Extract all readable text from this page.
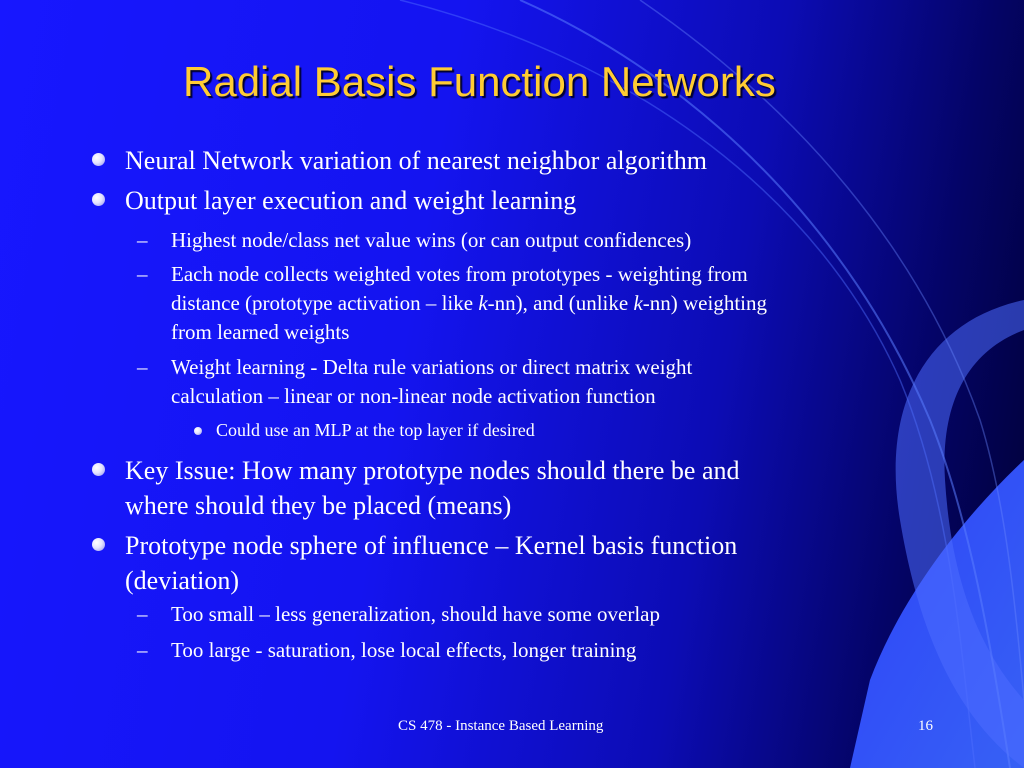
Radial Basis Function Networks
Neural Network variation of nearest neighbor algorithm
Output layer execution and weight learning
– Highest node/class net value wins (or can output confidences)
– Each node collects weighted votes from prototypes - weighting from
distance (prototype activation – like k-nn), and (unlike k-nn) weighting
from learned weights
– Weight learning - Delta rule variations or direct matrix weight
calculation – linear or non-linear node activation function
Could use an MLP at the top layer if desired
Key Issue: How many prototype nodes should there be and
where should they be placed (means)
Prototype node sphere of influence – Kernel basis function
(deviation)
– Too small – less generalization, should have some overlap
– Too large - saturation, lose local effects, longer training
CS 478 - Instance Based Learning	16
